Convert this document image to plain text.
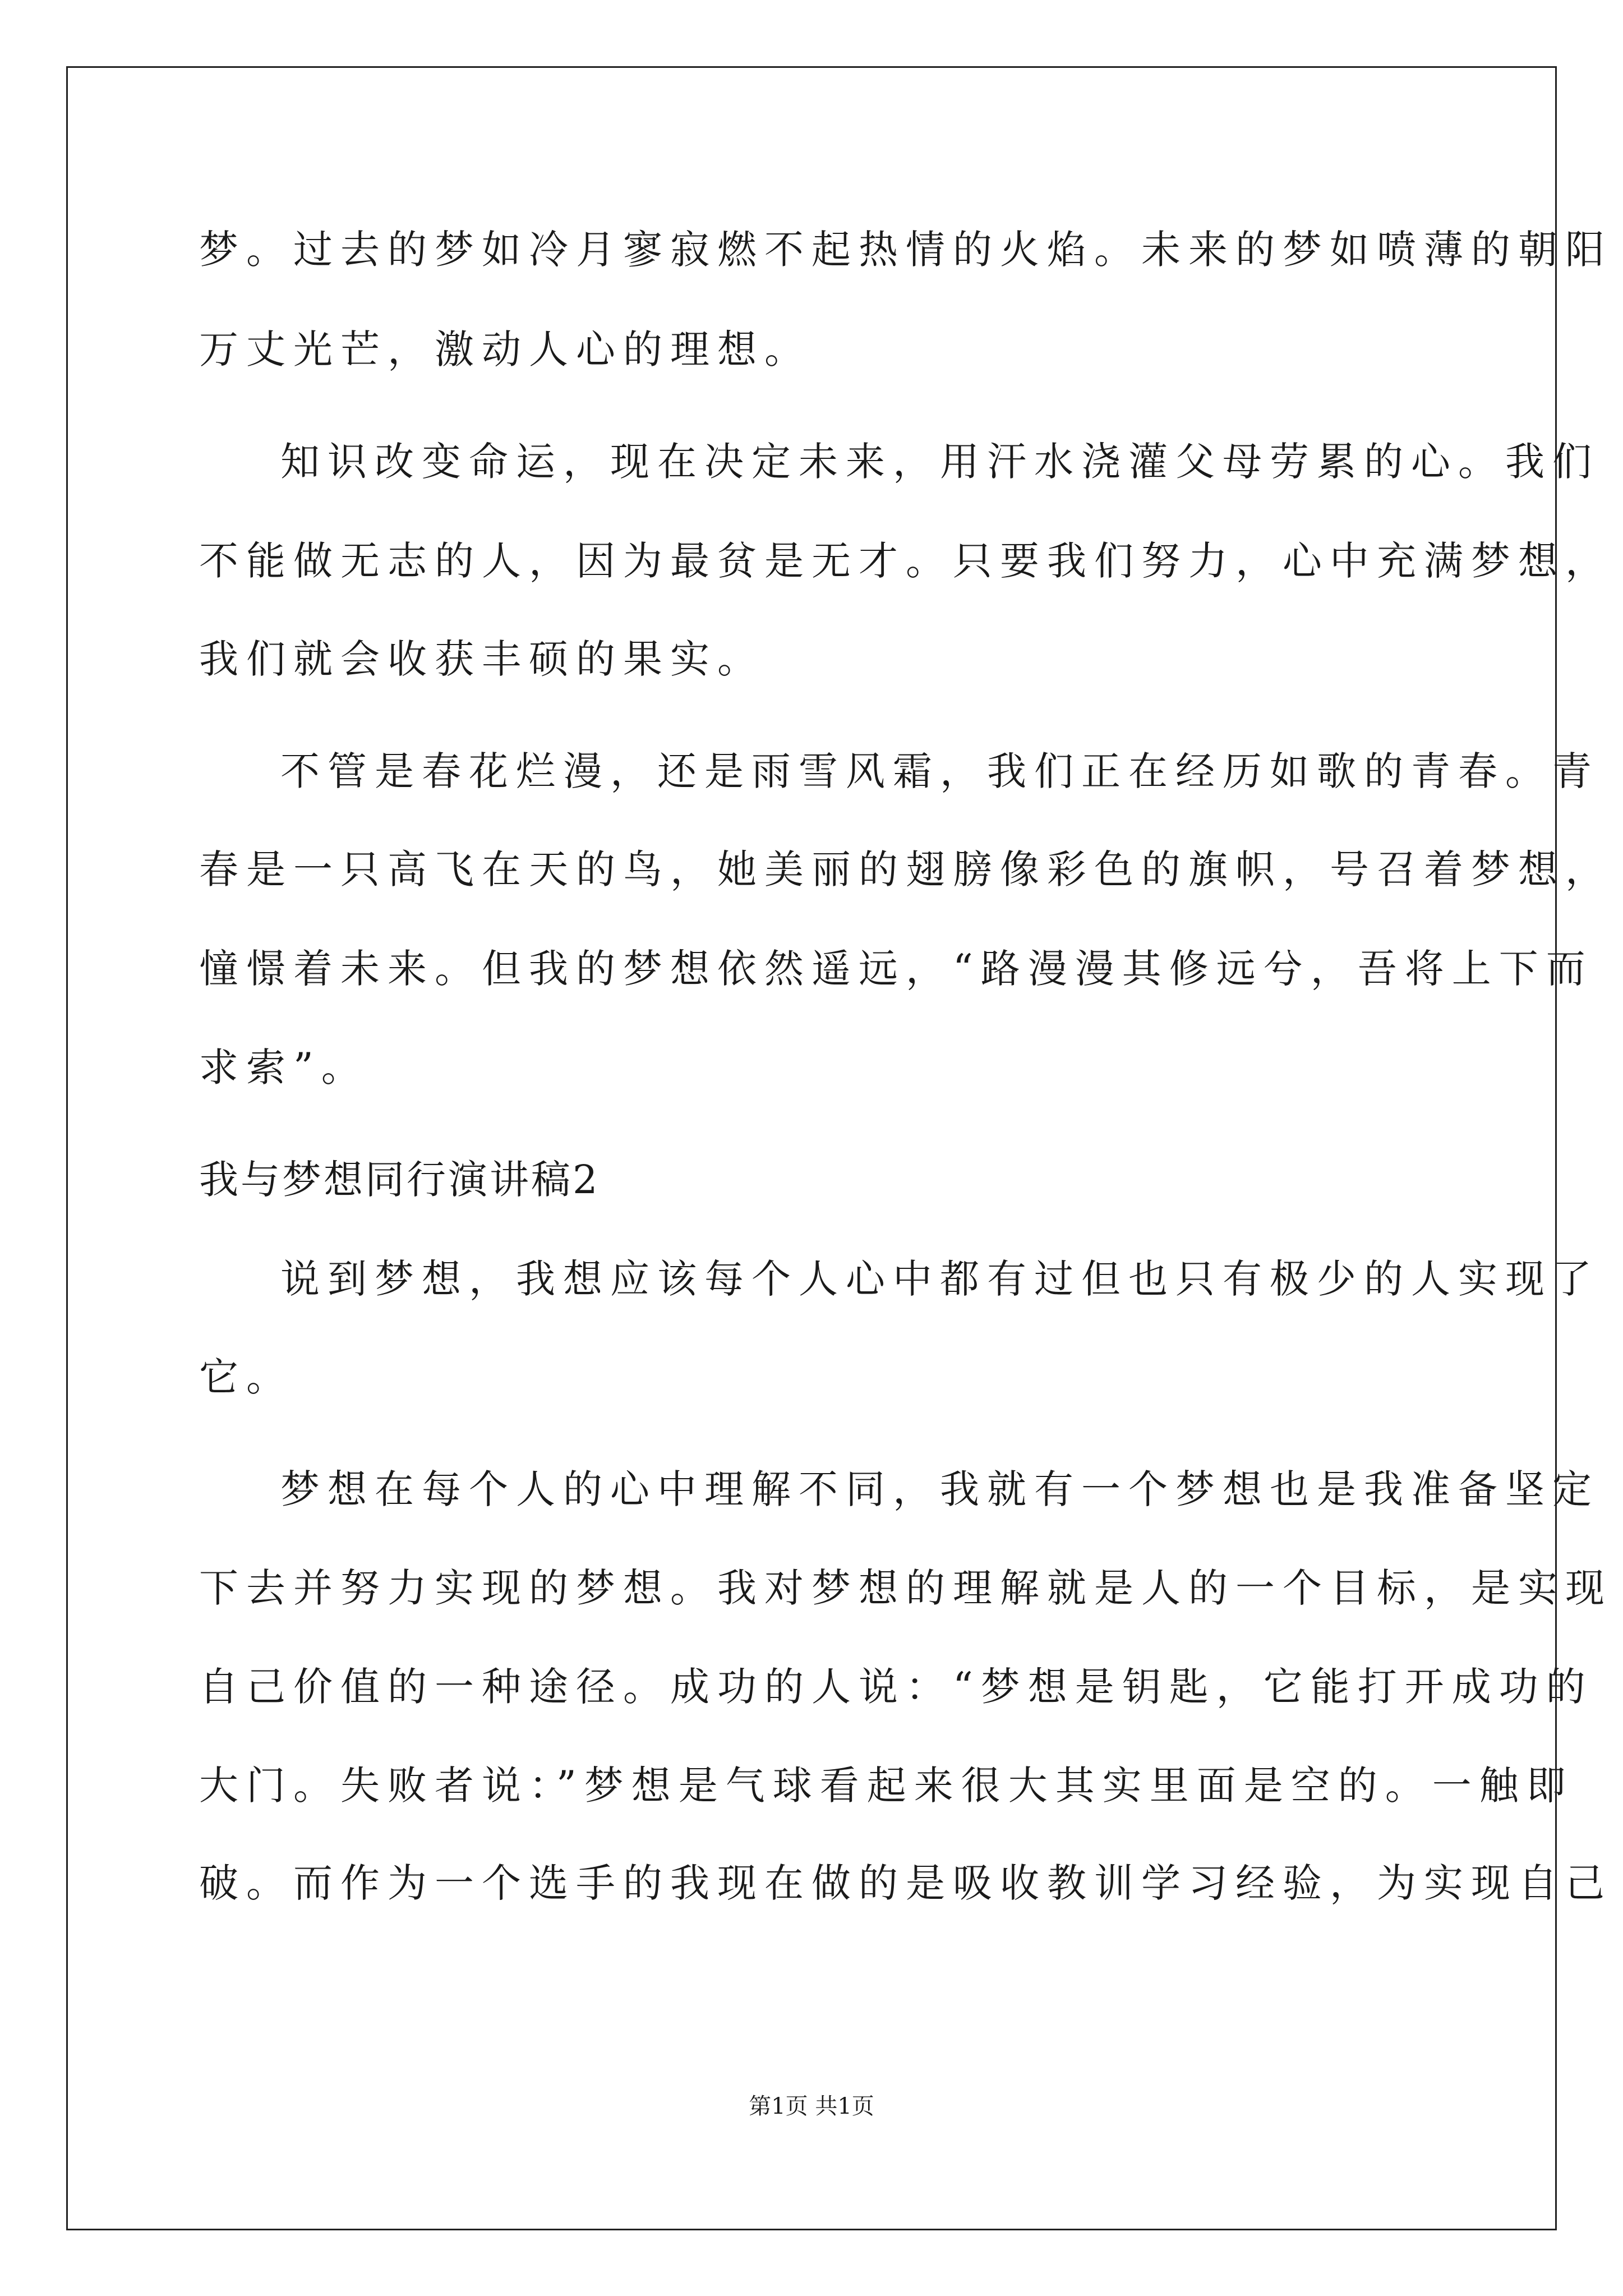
梦。过去的梦如冷月寥寂燃不起热情的火焰。未来的梦如喷薄的朝阳
万丈光芒，激动人心的理想。
知识改变命运，现在决定未来，用汗水浇灌父母劳累的心。我们
不能做无志的人，因为最贫是无才。只要我们努力，心中充满梦想，
我们就会收获丰硕的果实。
不管是春花烂漫，还是雨雪风霜，我们正在经历如歌的青春。青
春是一只高飞在天的鸟，她美丽的翅膀像彩色的旗帜，号召着梦想，
憧憬着未来。但我的梦想依然遥远，“路漫漫其修远兮，吾将上下而
求索”。
我与梦想同行演讲稿2
说到梦想，我想应该每个人心中都有过但也只有极少的人实现了
它。
梦想在每个人的心中理解不同，我就有一个梦想也是我准备坚定
下去并努力实现的梦想。我对梦想的理解就是人的一个目标，是实现
自己价值的一种途径。成功的人说：“梦想是钥匙，它能打开成功的
大门。失败者说：”梦想是气球看起来很大其实里面是空的。一触即
破。而作为一个选手的我现在做的是吸收教训学习经验，为实现自己
第1页 共1页
